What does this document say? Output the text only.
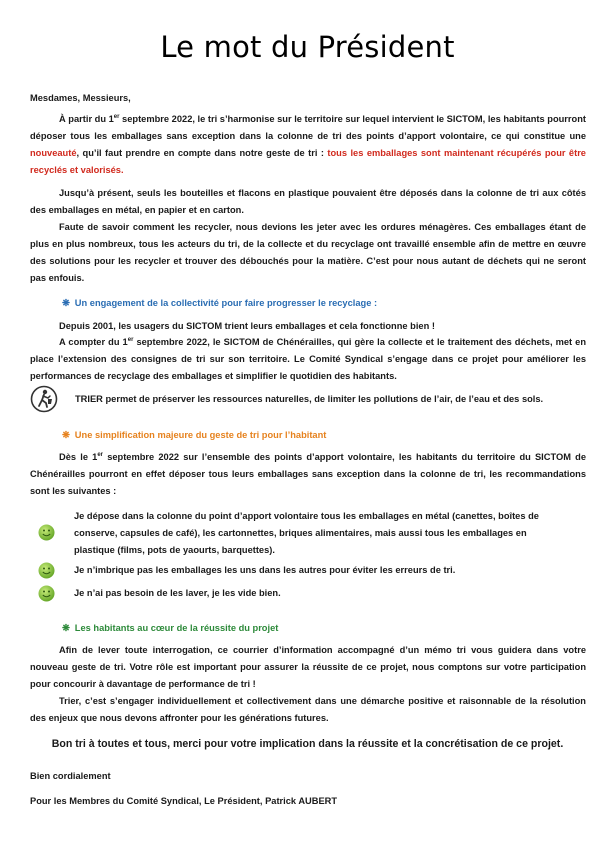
Le mot du Président

Mesdames, Messieurs,

À partir du 1er septembre 2022, le tri s’harmonise sur le territoire sur lequel intervient le SICTOM, les habitants pourront déposer tous les emballages sans exception dans la colonne de tri des points d’apport volontaire, ce qui constitue une nouveauté, qu’il faut prendre en compte dans notre geste de tri : tous les emballages sont maintenant récupérés pour être recyclés et valorisés.

Jusqu’à présent, seuls les bouteilles et flacons en plastique pouvaient être déposés dans la colonne de tri aux côtés des emballages en métal, en papier et en carton.

Faute de savoir comment les recycler, nous devions les jeter avec les ordures ménagères. Ces emballages étant de plus en plus nombreux, tous les acteurs du tri, de la collecte et du recyclage ont travaillé ensemble afin de mettre en œuvre des solutions pour les recycler et trouver des débouchés pour la matière. C’est pour nous autant de déchets qui ne seront pas enfouis.

❋ Un engagement de la collectivité pour faire progresser le recyclage :

Depuis 2001, les usagers du SICTOM trient leurs emballages et cela fonctionne bien !

A compter du 1er septembre 2022, le SICTOM de Chénérailles, qui gère la collecte et le traitement des déchets, met en place l’extension des consignes de tri sur son territoire. Le Comité Syndical s’engage dans ce projet pour améliorer les performances de recyclage des emballages et simplifier le quotidien des habitants.

TRIER permet de préserver les ressources naturelles, de limiter les pollutions de l’air, de l’eau et des sols.
❋ Une simplification majeure du geste de tri pour l’habitant

Dès le 1er septembre 2022 sur l’ensemble des points d’apport volontaire, les habitants du territoire du SICTOM de Chénérailles pourront en effet déposer tous leurs emballages sans exception dans la colonne de tri, les recommandations sont les suivantes :

Je dépose dans la colonne du point d’apport volontaire tous les emballages en métal (canettes, boîtes de conserve, capsules de café), les cartonnettes, briques alimentaires, mais aussi tous les emballages en plastique (films, pots de yaourts, barquettes).

Je n’imbrique pas les emballages les uns dans les autres pour éviter les erreurs de tri.

Je n’ai pas besoin de les laver, je les vide bien.

❋ Les habitants au cœur de la réussite du projet

Afin de lever toute interrogation, ce courrier d’information accompagné d’un mémo tri vous guidera dans votre nouveau geste de tri. Votre rôle est important pour assurer la réussite de ce projet, nous comptons sur votre participation pour concourir à davantage de performance de tri !

Trier, c’est s’engager individuellement et collectivement dans une démarche positive et raisonnable de la résolution des enjeux que nous devons affronter pour les générations futures.

Bon tri à toutes et tous, merci pour votre implication dans la réussite et la concrétisation de ce projet.
Bien cordialement
Pour les Membres du Comité Syndical, Le Président, Patrick AUBERT
